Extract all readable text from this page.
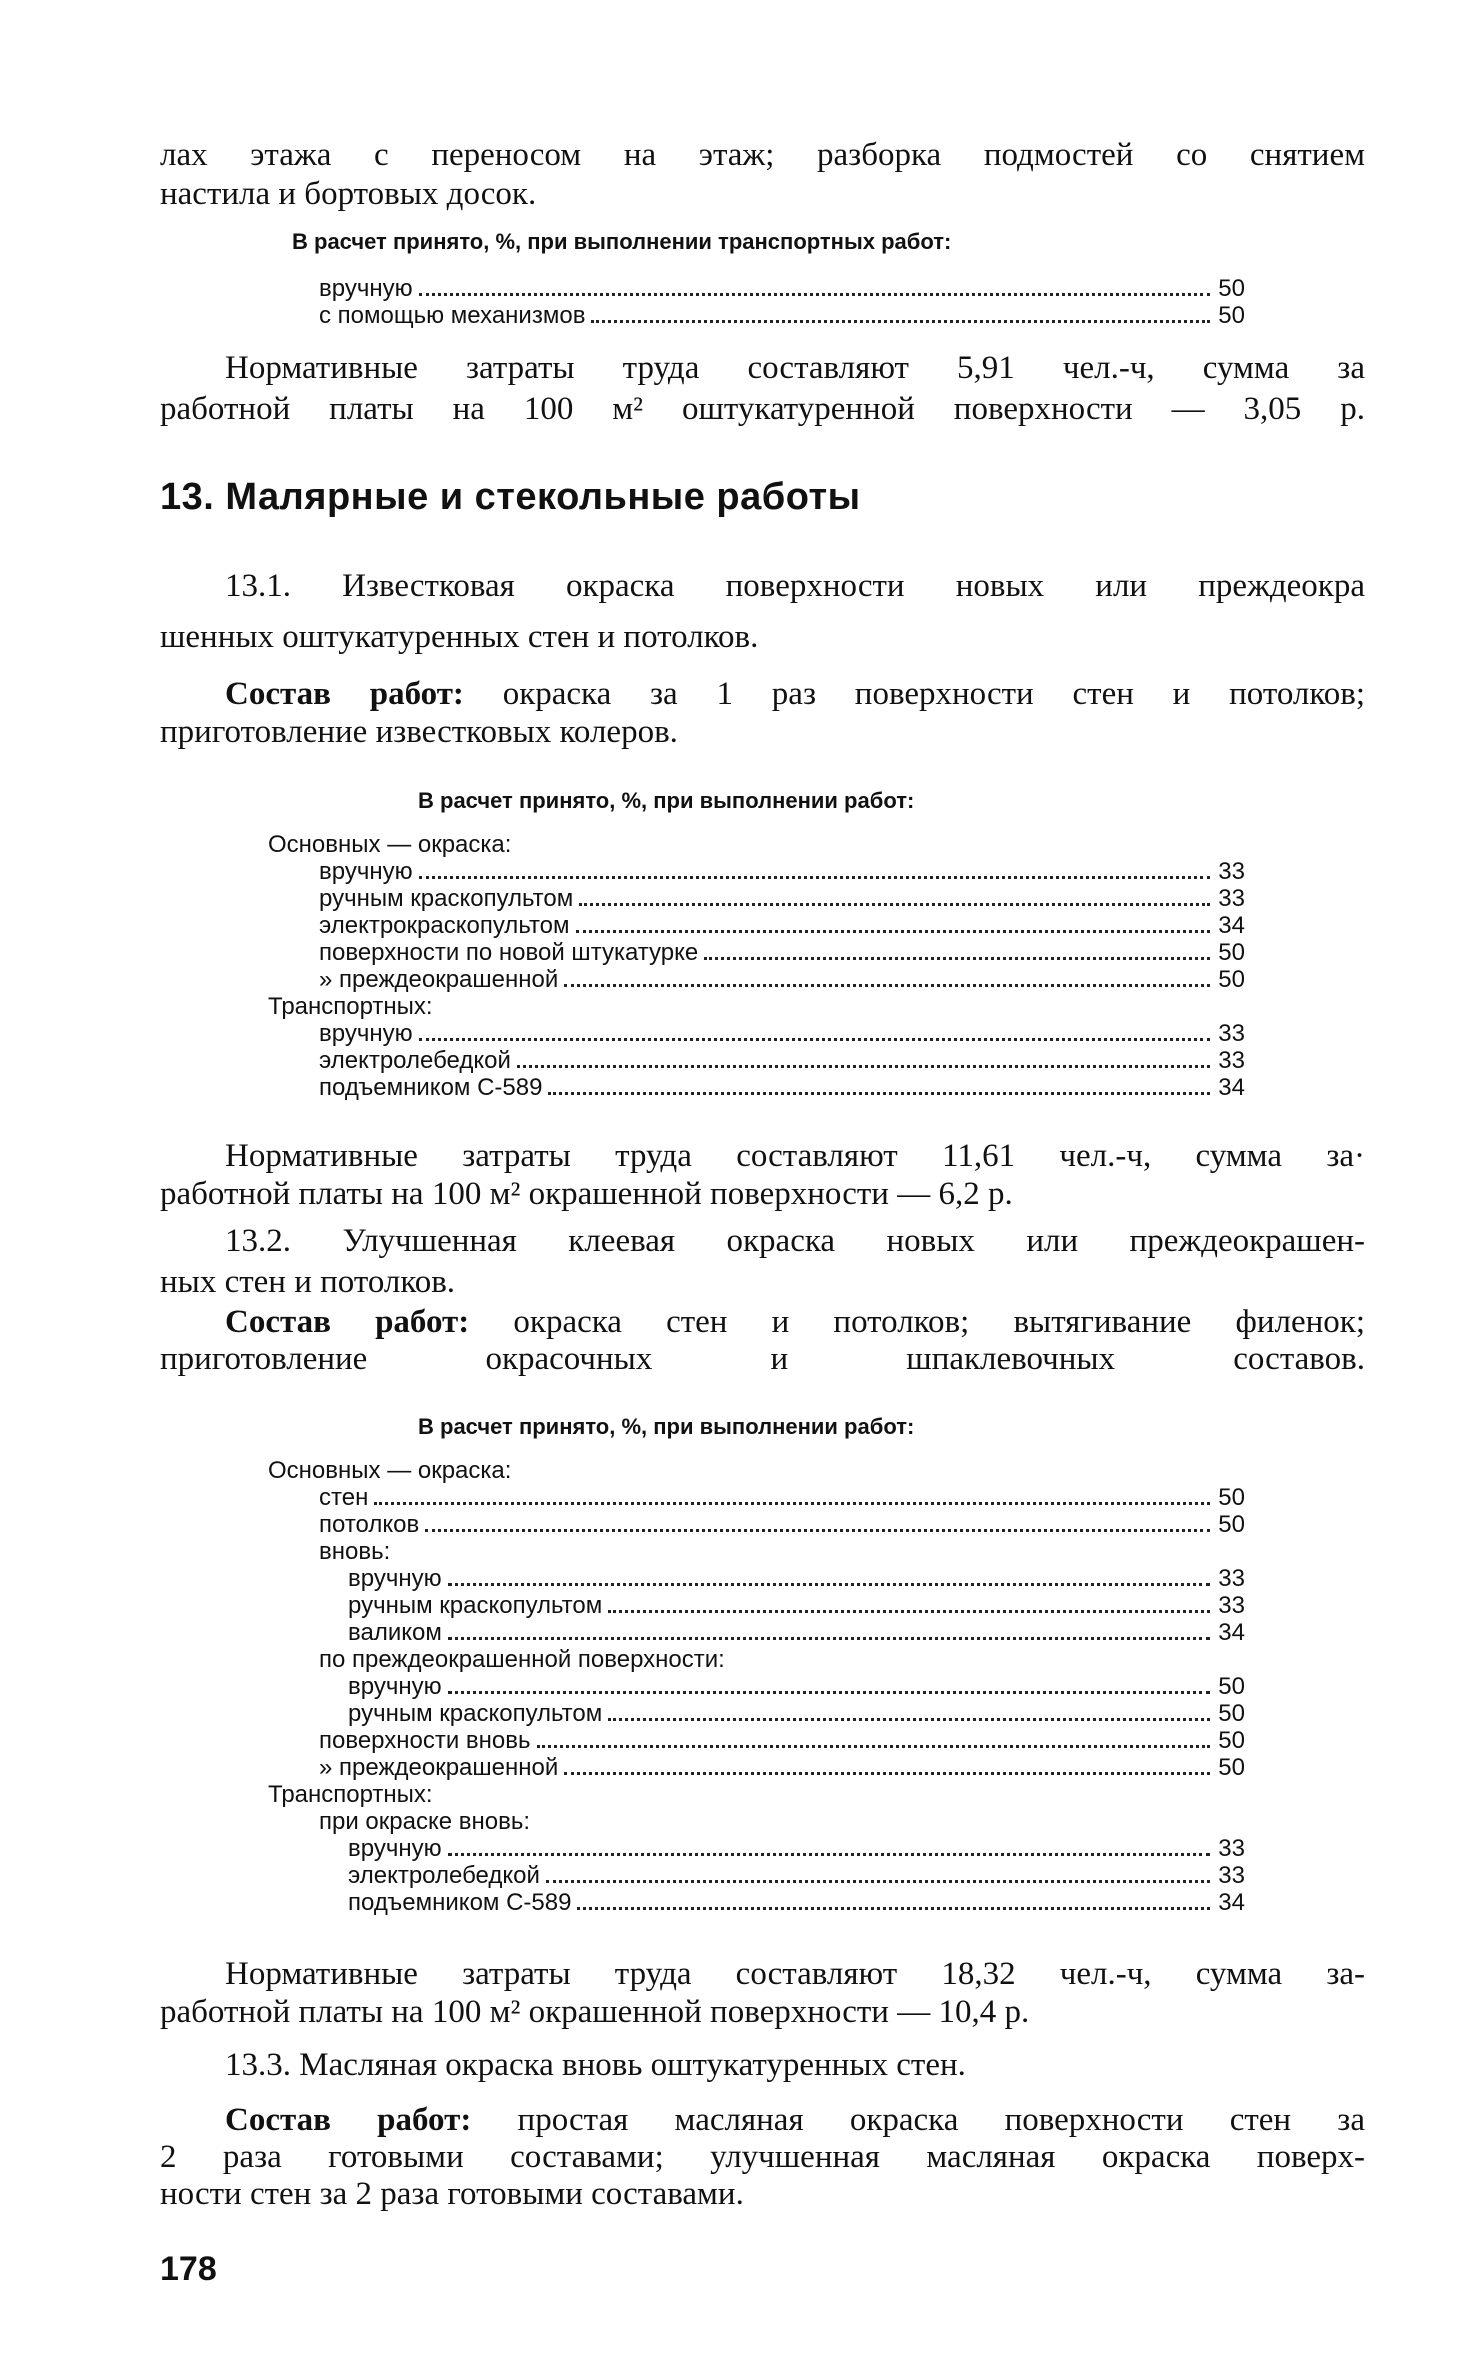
лах этажа с переносом на этаж; разборка подмостей со снятием
настила и бортовых досок.
В расчет принято, %, при выполнении транспортных работ:
вручную	50
с помощью механизмов	50
Нормативные затраты труда составляют 5,91 чел.-ч, сумма за
работной платы на 100 м² оштукатуренной поверхности — 3,05 р.
13. Малярные и стекольные работы
13.1. Известковая окраска поверхности новых или преждеокра
шенных оштукатуренных стен и потолков.
Состав работ: окраска за 1 раз поверхности стен и потолков;
приготовление известковых колеров.
В расчет принято, %, при выполнении работ:
Основных — окраска:
вручную	33
ручным краскопультом	33
электрокраскопультом	34
поверхности по новой штукатурке	50
» преждеокрашенной	50
Транспортных:
вручную	33
электролебедкой	33
подъемником С-589	34
Нормативные затраты труда составляют 11,61 чел.-ч, сумма за·
работной платы на 100 м² окрашенной поверхности — 6,2 р.
13.2. Улучшенная клеевая окраска новых или преждеокрашен-
ных стен и потолков.
Состав работ: окраска стен и потолков; вытягивание филенок;
приготовление окрасочных и шпаклевочных составов.
В расчет принято, %, при выполнении работ:
Основных — окраска:
стен	50
потолков	50
вновь:
вручную	33
ручным краскопультом	33
валиком	34
по преждеокрашенной поверхности:
вручную	50
ручным краскопультом	50
поверхности вновь	50
» преждеокрашенной	50
Транспортных:
при окраске вновь:
вручную	33
электролебедкой	33
подъемником С-589	34
Нормативные затраты труда составляют 18,32 чел.-ч, сумма за-
работной платы на 100 м² окрашенной поверхности — 10,4 р.
13.3. Масляная окраска вновь оштукатуренных стен.
Состав работ: простая масляная окраска поверхности стен за
2 раза готовыми составами; улучшенная масляная окраска поверх-
ности стен за 2 раза готовыми составами.
178
